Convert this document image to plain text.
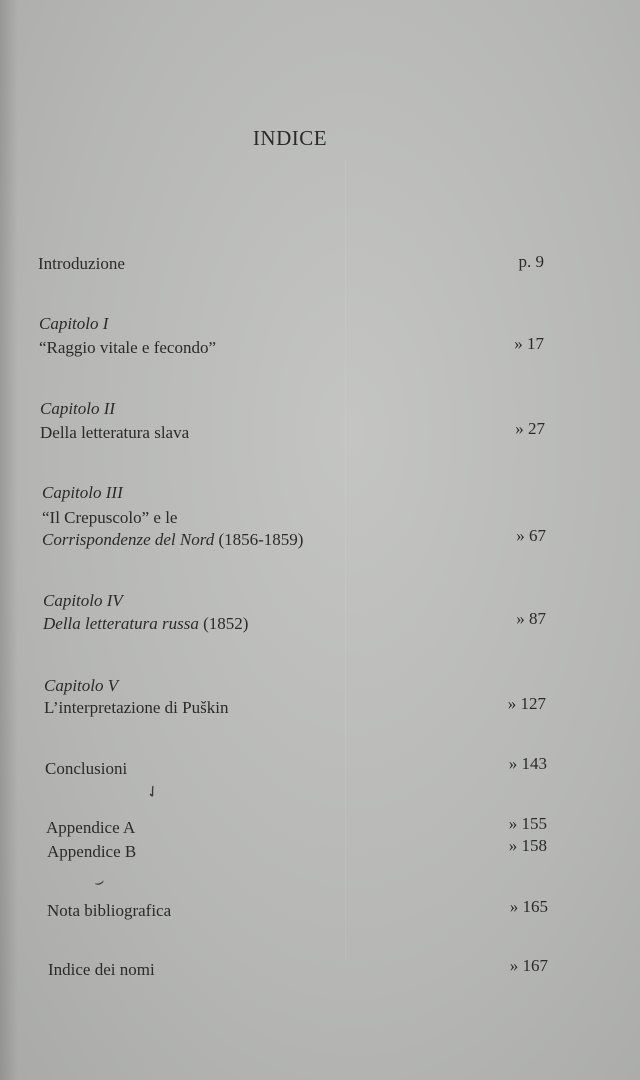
INDICE
Introduzione	p. 9
Capitolo I
“Raggio vitale e fecondo”	» 17
Capitolo II
Della letteratura slava	» 27
Capitolo III
“Il Crepuscolo” e le
Corrispondenze del Nord (1856-1859)	» 67
Capitolo IV
Della letteratura russa (1852)	» 87
Capitolo V
L’interpretazione di Puškin	» 127
Conclusioni	» 143
✓
Appendice A	» 155
Appendice B	» 158
⌣
Nota bibliografica	» 165
Indice dei nomi	» 167
